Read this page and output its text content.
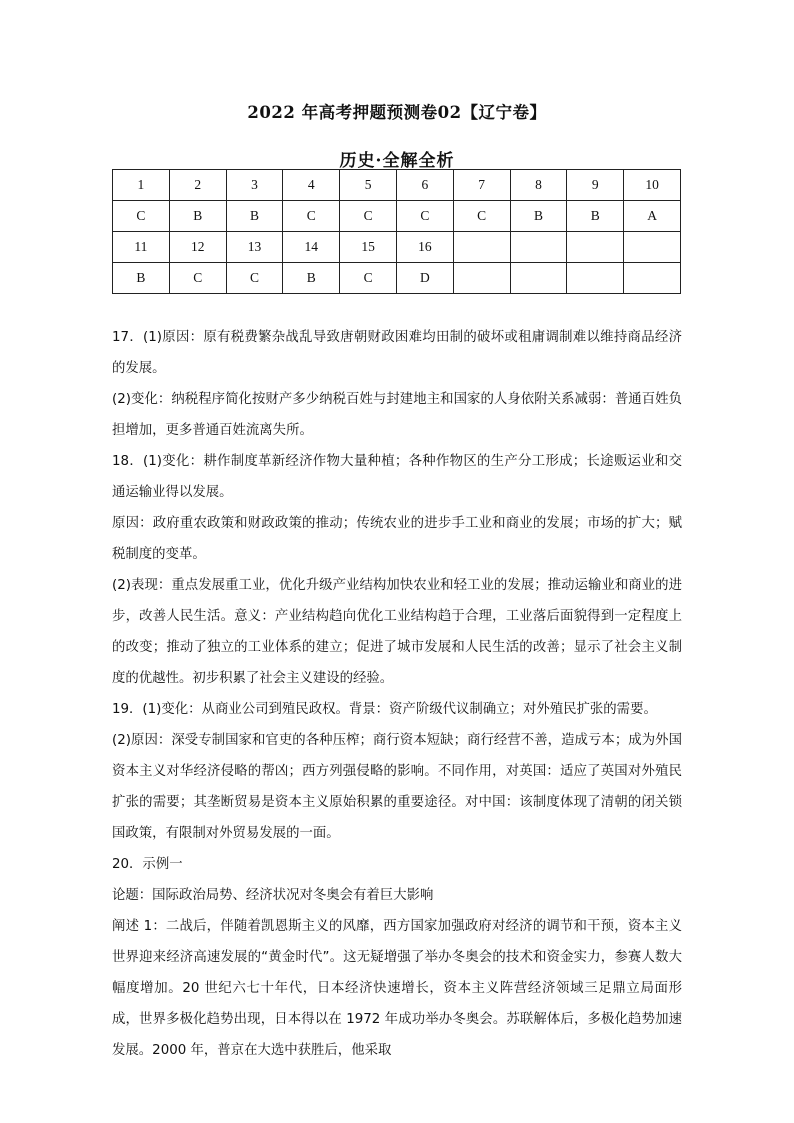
2022 年高考押题预测卷02【辽宁卷】
历史·全解全析
1	2	3	4	5	6	7	8	9	10
C	B	B	C	C	C	C	B	B	A
11	12	13	14	15	16				
B	C	C	B	C	D				

17．(1)原因：原有税费繁杂战乱导致唐朝财政困难均田制的破坏或租庸调制难以维持商品经济的发展。

(2)变化：纳税程序简化按财产多少纳税百姓与封建地主和国家的人身依附关系减弱：普通百姓负担增加，更多普通百姓流离失所。

18．(1)变化：耕作制度革新经济作物大量种植；各种作物区的生产分工形成；长途贩运业和交通运输业得以发展。

原因：政府重农政策和财政政策的推动；传统农业的进步手工业和商业的发展；市场的扩大；赋税制度的变革。

(2)表现：重点发展重工业，优化升级产业结构加快农业和轻工业的发展；推动运输业和商业的进步，改善人民生活。意义：产业结构趋向优化工业结构趋于合理，工业落后面貌得到一定程度上的改变；推动了独立的工业体系的建立；促进了城市发展和人民生活的改善；显示了社会主义制度的优越性。初步积累了社会主义建设的经验。

19．(1)变化：从商业公司到殖民政权。背景：资产阶级代议制确立；对外殖民扩张的需要。

(2)原因：深受专制国家和官吏的各种压榨；商行资本短缺；商行经营不善，造成亏本；成为外国资本主义对华经济侵略的帮凶；西方列强侵略的影响。不同作用，对英国：适应了英国对外殖民扩张的需要；其垄断贸易是资本主义原始积累的重要途径。对中国：该制度体现了清朝的闭关锁国政策，有限制对外贸易发展的一面。

20．示例一

论题：国际政治局势、经济状况对冬奥会有着巨大影响

阐述 1：二战后，伴随着凯恩斯主义的风靡，西方国家加强政府对经济的调节和干预，资本主义世界迎来经济高速发展的“黄金时代”。这无疑增强了举办冬奥会的技术和资金实力，参赛人数大幅度增加。20 世纪六七十年代，日本经济快速增长，资本主义阵营经济领域三足鼎立局面形成，世界多极化趋势出现，日本得以在 1972 年成功举办冬奥会。苏联解体后，多极化趋势加速发展。2000 年，普京在大选中获胜后，他采取
